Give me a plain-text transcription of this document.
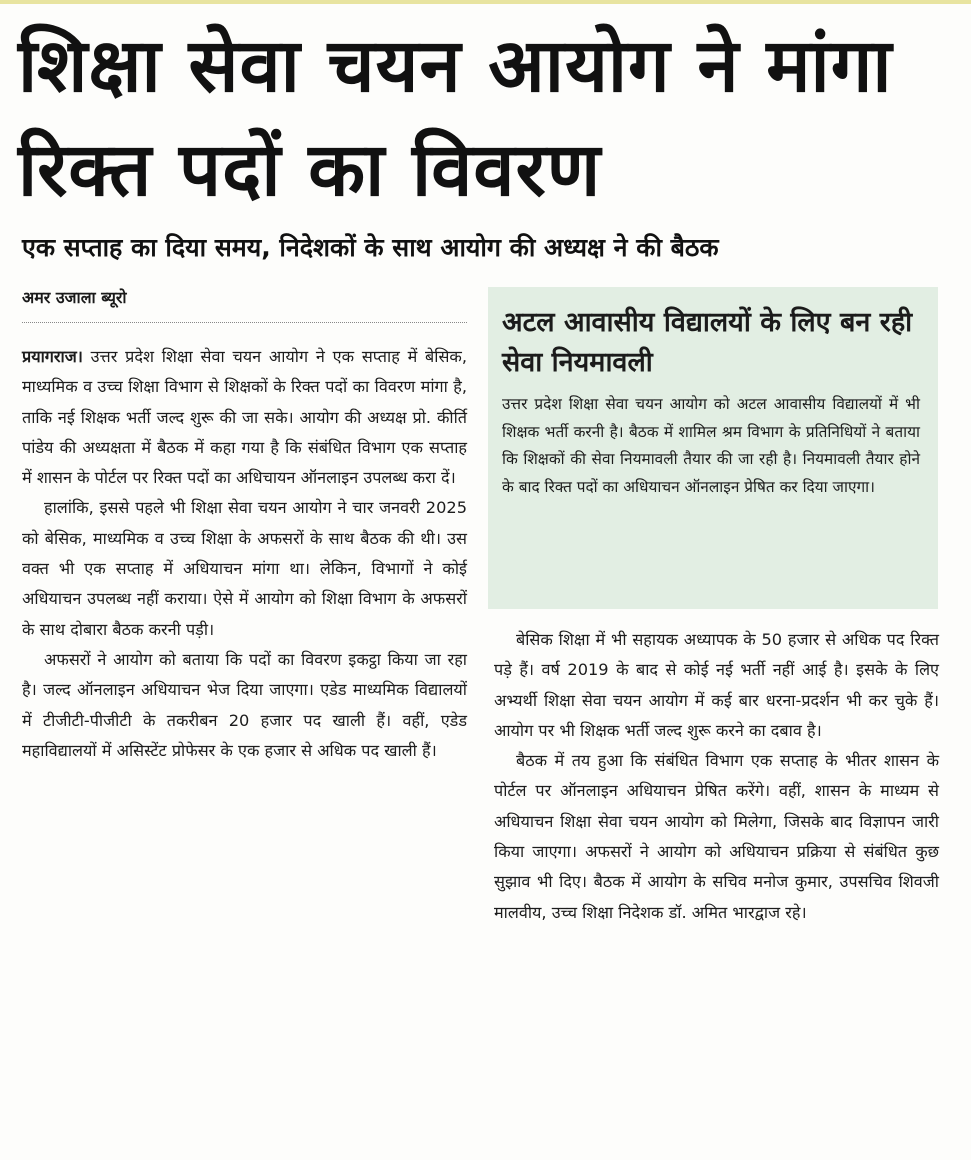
शिक्षा सेवा चयन आयोग ने मांगा रिक्त पदों का विवरण
एक सप्ताह का दिया समय, निदेशकों के साथ आयोग की अध्यक्ष ने की बैठक
अमर उजाला ब्यूरो

प्रयागराज। उत्तर प्रदेश शिक्षा सेवा चयन आयोग ने एक सप्ताह में बेसिक, माध्यमिक व उच्च शिक्षा विभाग से शिक्षकों के रिक्त पदों का विवरण मांगा है, ताकि नई शिक्षक भर्ती जल्द शुरू की जा सके। आयोग की अध्यक्ष प्रो. कीर्ति पांडेय की अध्यक्षता में बैठक में कहा गया है कि संबंधित विभाग एक सप्ताह में शासन के पोर्टल पर रिक्त पदों का अधिचायन ऑनलाइन उपलब्ध करा दें।

हालांकि, इससे पहले भी शिक्षा सेवा चयन आयोग ने चार जनवरी 2025 को बेसिक, माध्यमिक व उच्च शिक्षा के अफसरों के साथ बैठक की थी। उस वक्त भी एक सप्ताह में अधियाचन मांगा था। लेकिन, विभागों ने कोई अधियाचन उपलब्ध नहीं कराया। ऐसे में आयोग को शिक्षा विभाग के अफसरों के साथ दोबारा बैठक करनी पड़ी।

अफसरों ने आयोग को बताया कि पदों का विवरण इकट्ठा किया जा रहा है। जल्द ऑनलाइन अधियाचन भेज दिया जाएगा। एडेड माध्यमिक विद्यालयों में टीजीटी-पीजीटी के तकरीबन 20 हजार पद खाली हैं। वहीं, एडेड महाविद्यालयों में असिस्टेंट प्रोफेसर के एक हजार से अधिक पद खाली हैं।

अटल आवासीय विद्यालयों के लिए बन रही सेवा नियमावली

उत्तर प्रदेश शिक्षा सेवा चयन आयोग को अटल आवासीय विद्यालयों में भी शिक्षक भर्ती करनी है। बैठक में शामिल श्रम विभाग के प्रतिनिधियों ने बताया कि शिक्षकों की सेवा नियमावली तैयार की जा रही है। नियमावली तैयार होने के बाद रिक्त पदों का अधियाचन ऑनलाइन प्रेषित कर दिया जाएगा।

बेसिक शिक्षा में भी सहायक अध्यापक के 50 हजार से अधिक पद रिक्त पड़े हैं। वर्ष 2019 के बाद से कोई नई भर्ती नहीं आई है। इसके के लिए अभ्यर्थी शिक्षा सेवा चयन आयोग में कई बार धरना-प्रदर्शन भी कर चुके हैं। आयोग पर भी शिक्षक भर्ती जल्द शुरू करने का दबाव है।

बैठक में तय हुआ कि संबंधित विभाग एक सप्ताह के भीतर शासन के पोर्टल पर ऑनलाइन अधियाचन प्रेषित करेंगे। वहीं, शासन के माध्यम से अधियाचन शिक्षा सेवा चयन आयोग को मिलेगा, जिसके बाद विज्ञापन जारी किया जाएगा। अफसरों ने आयोग को अधियाचन प्रक्रिया से संबंधित कुछ सुझाव भी दिए। बैठक में आयोग के सचिव मनोज कुमार, उपसचिव शिवजी मालवीय, उच्च शिक्षा निदेशक डॉ. अमित भारद्वाज रहे।
